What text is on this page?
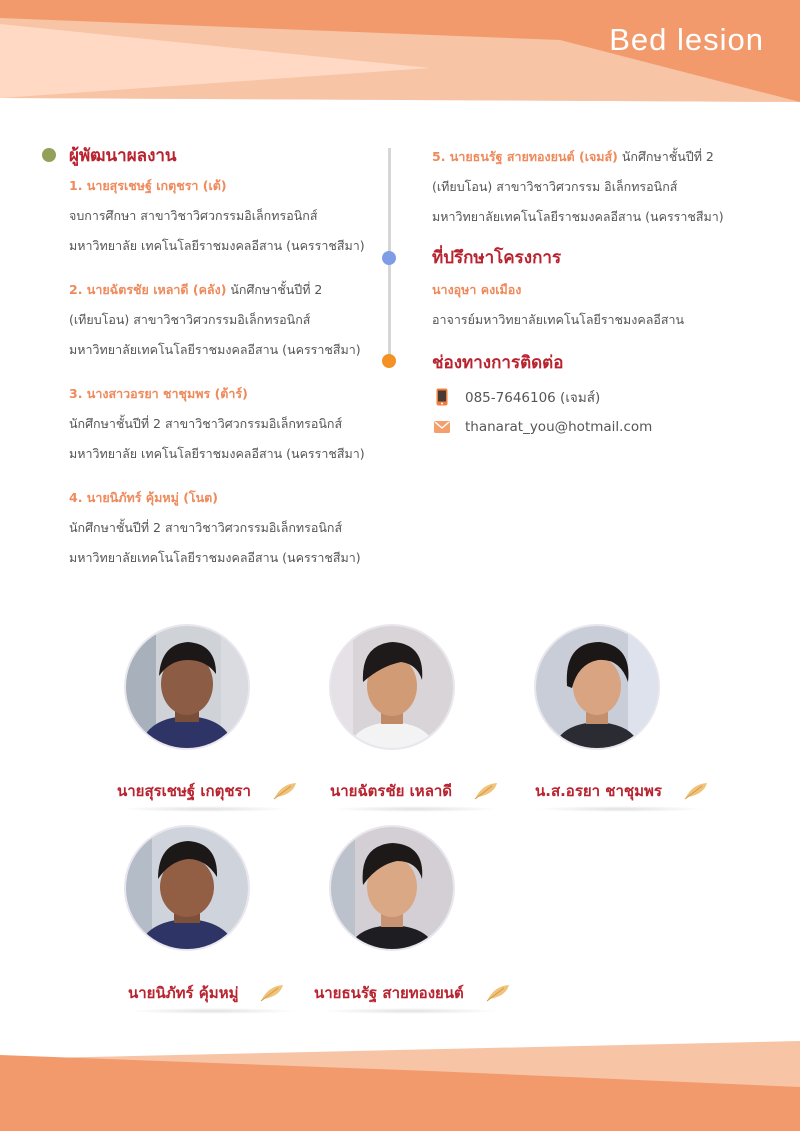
Bed lesion
ผู้พัฒนาผลงาน

1. นายสุรเชษฐ์ เกตุชรา (เต้)

จบการศึกษา สาขาวิชาวิศวกรรมอิเล็กทรอนิกส์

มหาวิทยาลัย เทคโนโลยีราชมงคลอีสาน (นครราชสีมา)

2. นายฉัตรชัย เหลาดี (คลัง) นักศึกษาชั้นปีที่ 2

(เทียบโอน) สาขาวิชาวิศวกรรมอิเล็กทรอนิกส์

มหาวิทยาลัยเทคโนโลยีราชมงคลอีสาน (นครราชสีมา)

3. นางสาวอรยา ชาชุมพร (ต้าร์)

นักศึกษาชั้นปีที่ 2 สาขาวิชาวิศวกรรมอิเล็กทรอนิกส์

มหาวิทยาลัย เทคโนโลยีราชมงคลอีสาน (นครราชสีมา)

4. นายนิภัทร์ คุ้มหมู่ (โนต)

นักศึกษาชั้นปีที่ 2 สาขาวิชาวิศวกรรมอิเล็กทรอนิกส์

มหาวิทยาลัยเทคโนโลยีราชมงคลอีสาน (นครราชสีมา)

5. นายธนรัฐ สายทองยนต์ (เจมส์) นักศึกษาชั้นปีที่ 2

(เทียบโอน) สาขาวิชาวิศวกรรม อิเล็กทรอนิกส์

มหาวิทยาลัยเทคโนโลยีราชมงคลอีสาน (นครราชสีมา)

ที่ปรึกษาโครงการ

นางอุษา คงเมือง

อาจารย์มหาวิทยาลัยเทคโนโลยีราชมงคลอีสาน

ช่องทางการติดต่อ
085-7646106 (เจมส์)
thanarat_you@hotmail.com
นายสุรเชษฐ์ เกตุชรา	นายฉัตรชัย เหลาดี	น.ส.อรยา ชาชุมพร
นายนิภัทร์ คุ้มหมู่	นายธนรัฐ สายทองยนต์
